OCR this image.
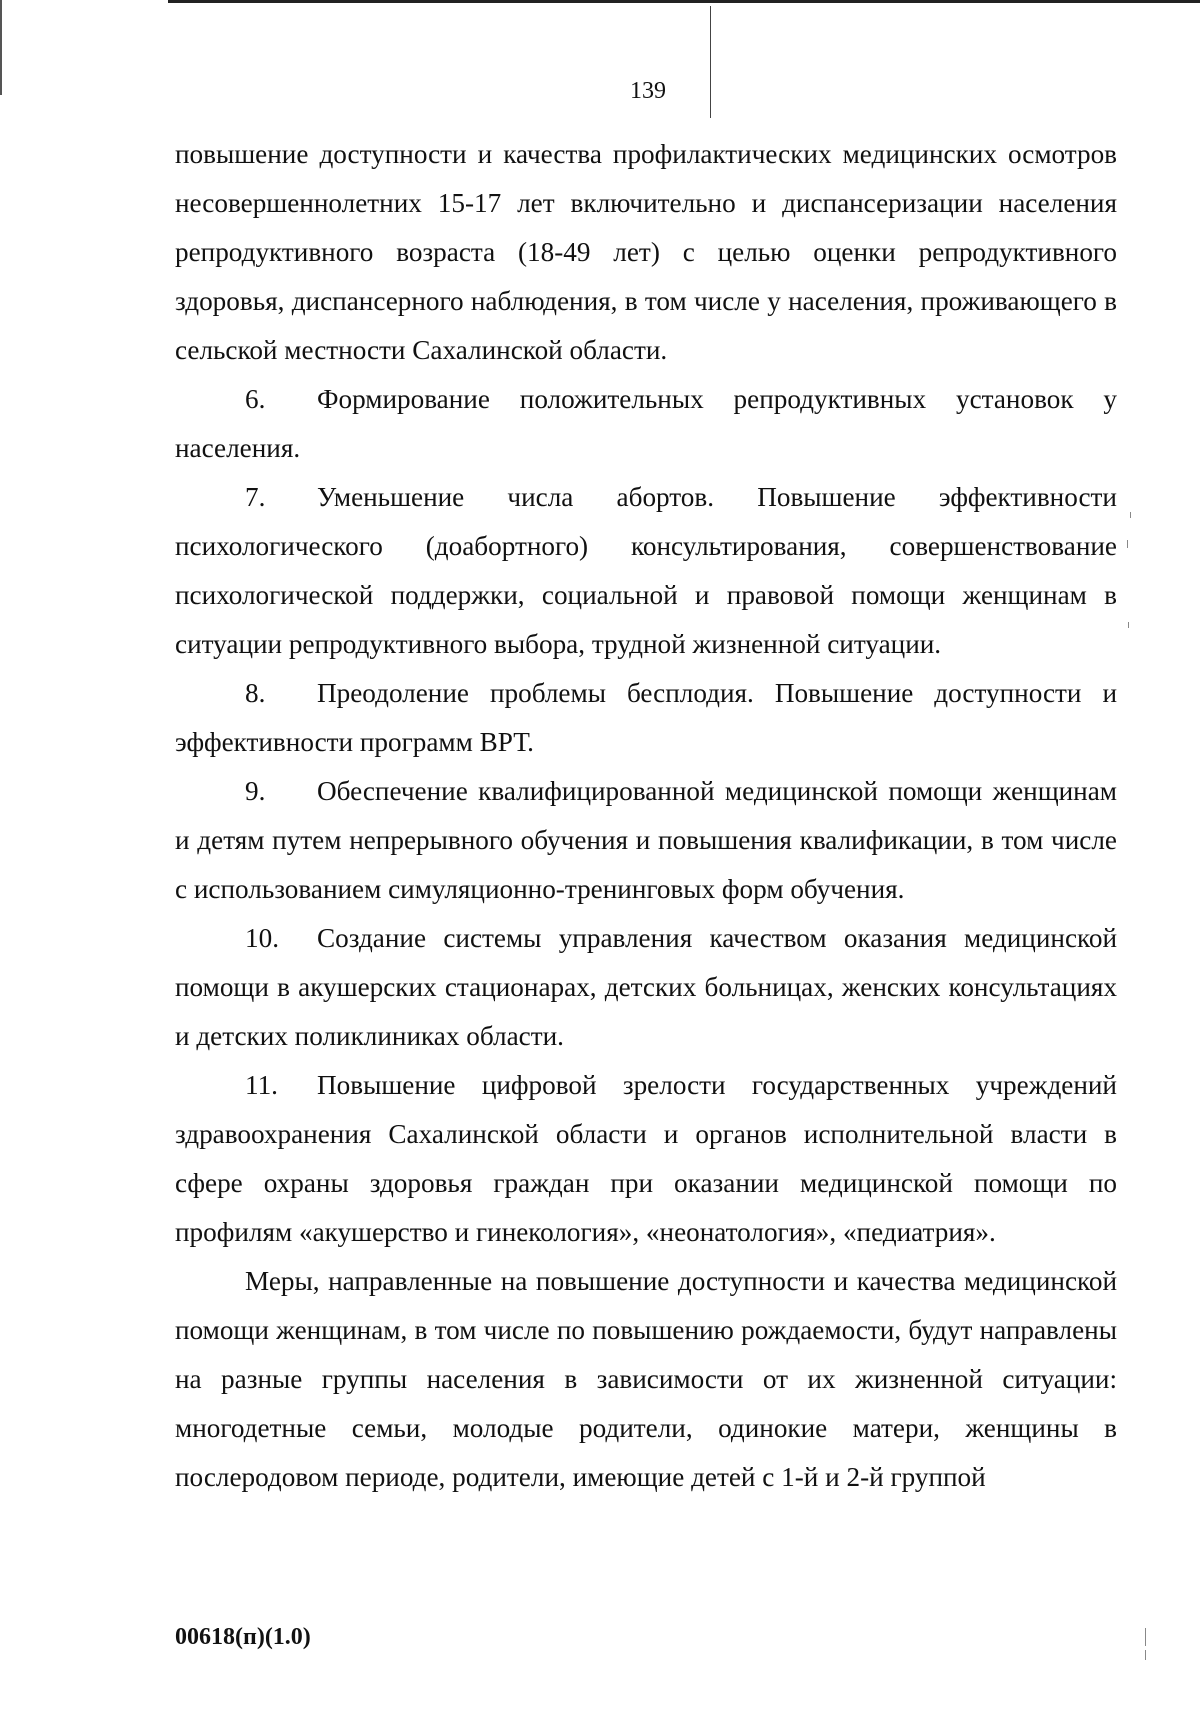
139

повышение доступности и качества профилактических медицинских осмотров несовершеннолетних 15-17 лет включительно и диспансеризации населения репродуктивного возраста (18-49 лет) с целью оценки репродуктивного здоровья, диспансерного наблюдения, в том числе у населения, проживающего в сельской местности Сахалинской области.

6. Формирование положительных репродуктивных установок у населения.

7. Уменьшение числа абортов. Повышение эффективности психологического (доабортного) консультирования, совершенствование психологической поддержки, социальной и правовой помощи женщинам в ситуации репродуктивного выбора, трудной жизненной ситуации.

8. Преодоление проблемы бесплодия. Повышение доступности и эффективности программ ВРТ.

9. Обеспечение квалифицированной медицинской помощи женщинам и детям путем непрерывного обучения и повышения квалификации, в том числе с использованием симуляционно-тренинговых форм обучения.

10. Создание системы управления качеством оказания медицинской помощи в акушерских стационарах, детских больницах, женских консультациях и детских поликлиниках области.

11. Повышение цифровой зрелости государственных учреждений здравоохранения Сахалинской области и органов исполнительной власти в сфере охраны здоровья граждан при оказании медицинской помощи по профилям «акушерство и гинекология», «неонатология», «педиатрия».

Меры, направленные на повышение доступности и качества медицинской помощи женщинам, в том числе по повышению рождаемости, будут направлены на разные группы населения в зависимости от их жизненной ситуации: многодетные семьи, молодые родители, одинокие матери, женщины в послеродовом периоде, родители, имеющие детей с 1-й и 2-й группой

00618(п)(1.0)
